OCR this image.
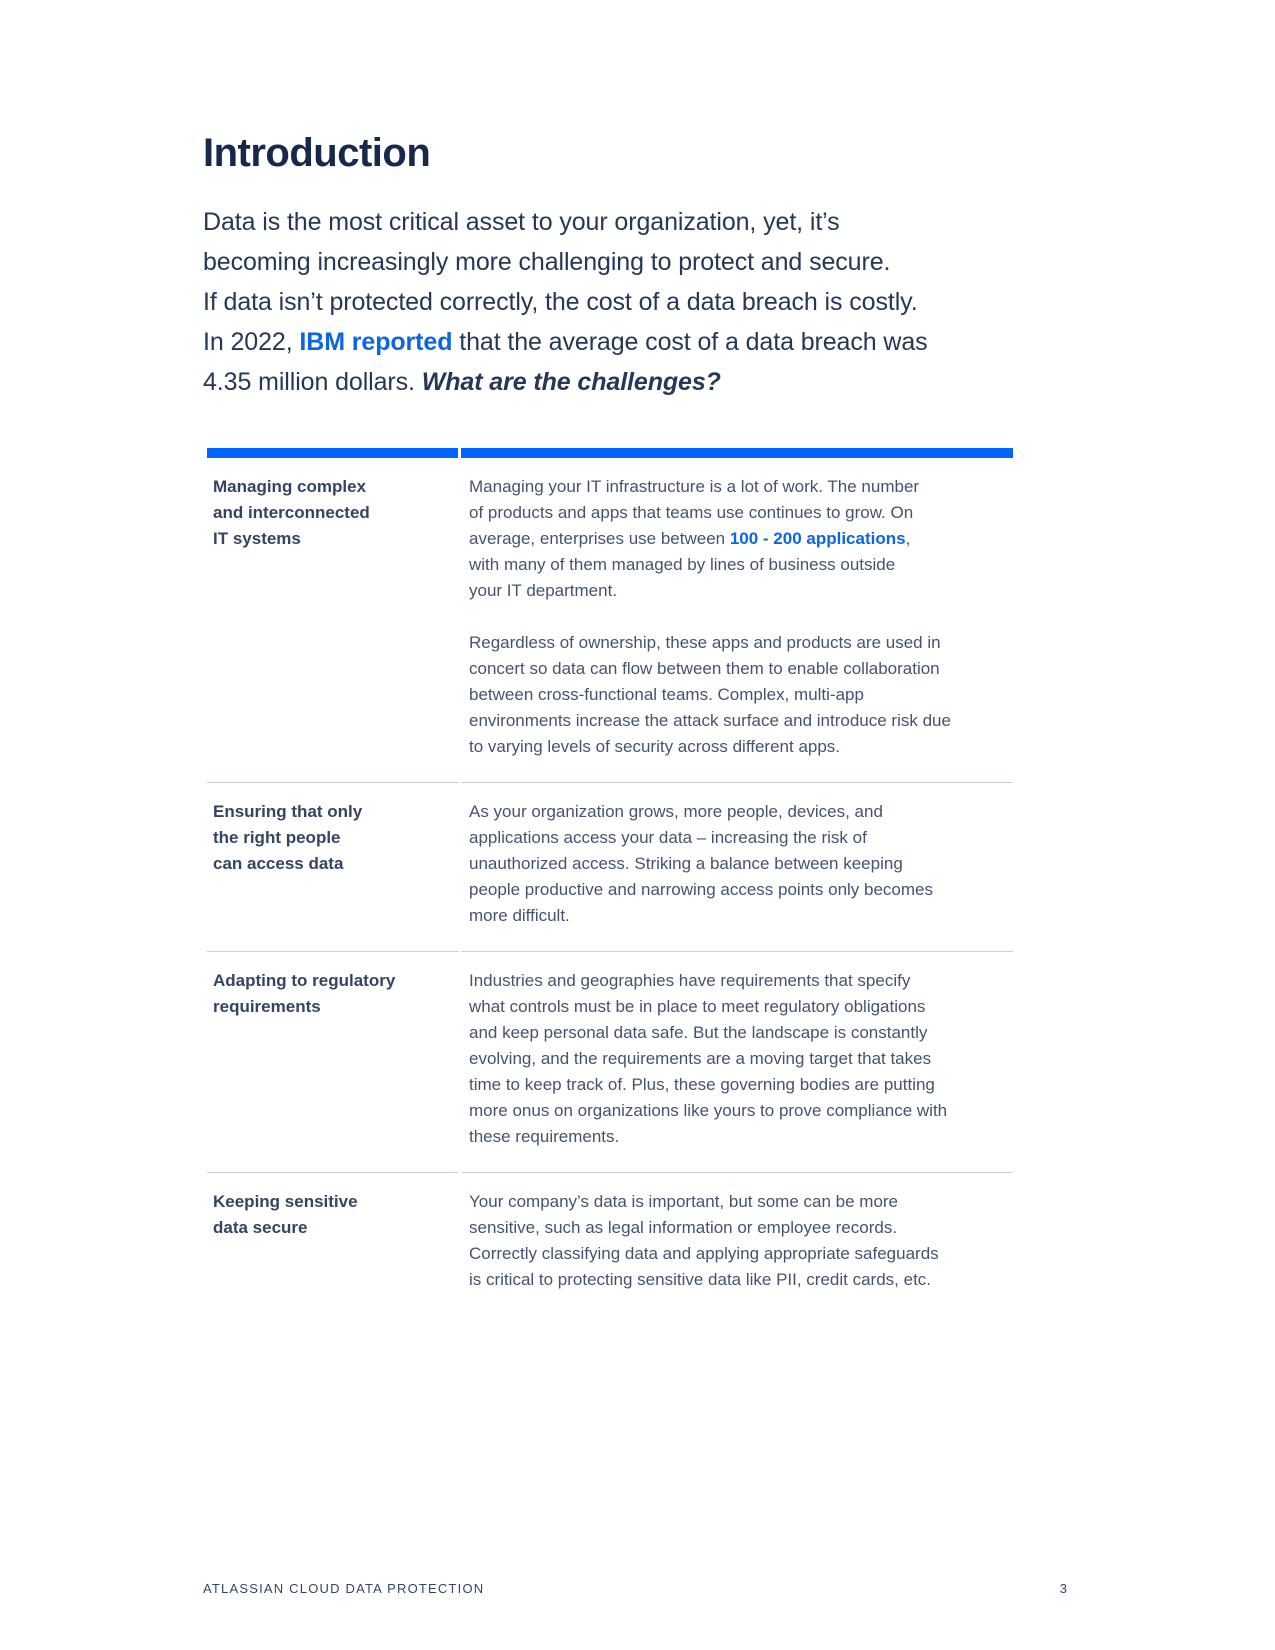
Introduction
Data is the most critical asset to your organization, yet, it’s
becoming increasingly more challenging to protect and secure.
If data isn’t protected correctly, the cost of a data breach is costly.
In 2022, IBM reported that the average cost of a data breach was
4.35 million dollars. What are the challenges?
Managing complex
and interconnected
IT systems
Managing your IT infrastructure is a lot of work. The number
of products and apps that teams use continues to grow. On
average, enterprises use between 100 - 200 applications,
with many of them managed by lines of business outside
your IT department.
Regardless of ownership, these apps and products are used in
concert so data can flow between them to enable collaboration
between cross-functional teams. Complex, multi-app
environments increase the attack surface and introduce risk due
to varying levels of security across different apps.
Ensuring that only
the right people
can access data
As your organization grows, more people, devices, and
applications access your data – increasing the risk of
unauthorized access. Striking a balance between keeping
people productive and narrowing access points only becomes
more difficult.
Adapting to regulatory
requirements
Industries and geographies have requirements that specify
what controls must be in place to meet regulatory obligations
and keep personal data safe. But the landscape is constantly
evolving, and the requirements are a moving target that takes
time to keep track of. Plus, these governing bodies are putting
more onus on organizations like yours to prove compliance with
these requirements.
Keeping sensitive
data secure
Your company’s data is important, but some can be more
sensitive, such as legal information or employee records.
Correctly classifying data and applying appropriate safeguards
is critical to protecting sensitive data like PII, credit cards, etc.
ATLASSIAN CLOUD DATA PROTECTION	3
